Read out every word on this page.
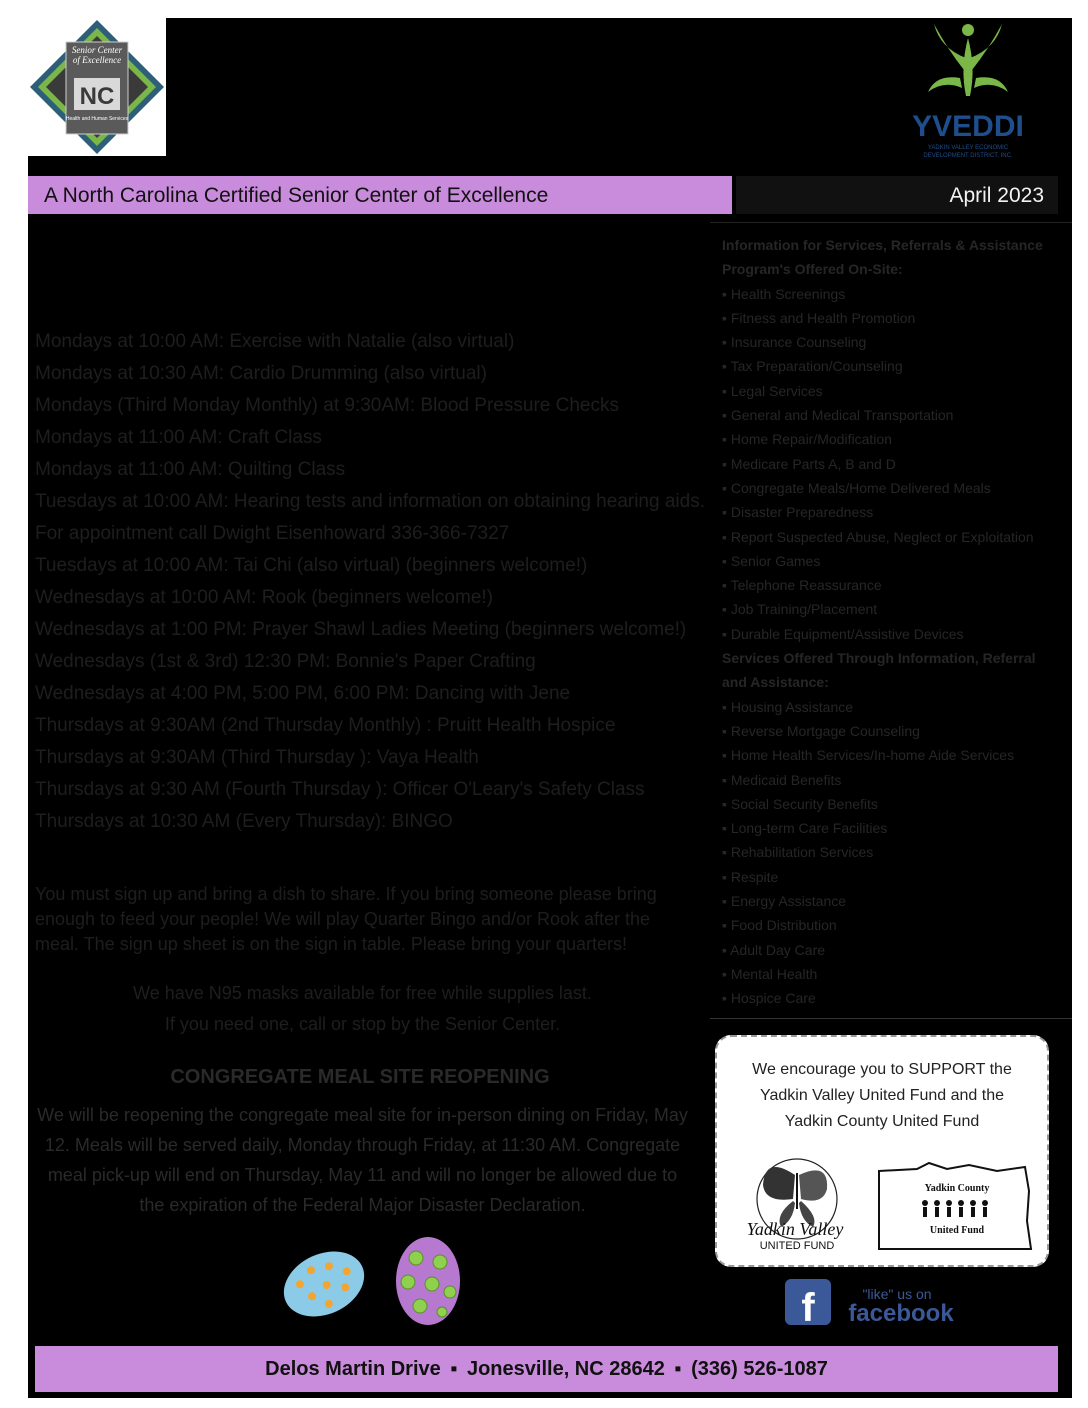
Senior Center
of Excellence
NC
Health and Human Services	YVEDDI
YADKIN VALLEY ECONOMIC
DEVELOPMENT DISTRICT, INC.
A North Carolina Certified Senior Center of Excellence	April 2023
Mondays at 10:00 AM: Exercise with Natalie (also virtual)
Mondays at 10:30 AM: Cardio Drumming (also virtual)
Mondays (Third Monday Monthly) at 9:30AM: Blood Pressure Checks
Mondays at 11:00 AM: Craft Class
Mondays at 11:00 AM: Quilting Class
Tuesdays at 10:00 AM: Hearing tests and information on obtaining hearing aids.
For appointment call Dwight Eisenhoward 336-366-7327
Tuesdays at 10:00 AM: Tai Chi (also virtual) (beginners welcome!)
Wednesdays at 10:00 AM: Rook (beginners welcome!)
Wednesdays at 1:00 PM: Prayer Shawl Ladies Meeting (beginners welcome!)
Wednesdays (1st & 3rd) 12:30 PM: Bonnie's Paper Crafting
Wednesdays at 4:00 PM, 5:00 PM, 6:00 PM: Dancing with Jene
Thursdays at 9:30AM (2nd Thursday Monthly) : Pruitt Health Hospice
Thursdays at 9:30AM (Third Thursday ): Vaya Health
Thursdays at 9:30 AM (Fourth Thursday ): Officer O'Leary's Safety Class
Thursdays at 10:30 AM (Every Thursday): BINGO
You must sign up and bring a dish to share. If you bring someone please bring enough to feed your people! We will play Quarter Bingo and/or Rook after the meal. The sign up sheet is on the sign in table. Please bring your quarters!
We have N95 masks available for free while supplies last.
If you need one, call or stop by the Senior Center.
CONGREGATE MEAL SITE REOPENING
We will be reopening the congregate meal site for in-person dining on Friday, May 12. Meals will be served daily, Monday through Friday, at 11:30 AM. Congregate meal pick-up will end on Thursday, May 11 and will no longer be allowed due to the expiration of the Federal Major Disaster Declaration.
Information for Services, Referrals & Assistance
Program's Offered On-Site:
▪ Health Screenings
▪ Fitness and Health Promotion
▪ Insurance Counseling
▪ Tax Preparation/Counseling
▪ Legal Services
▪ General and Medical Transportation
▪ Home Repair/Modification
▪ Medicare Parts A, B and D
▪ Congregate Meals/Home Delivered Meals
▪ Disaster Preparedness
▪ Report Suspected Abuse, Neglect or Exploitation
▪ Senior Games
▪ Telephone Reassurance
▪ Job Training/Placement
▪ Durable Equipment/Assistive Devices
Services Offered Through Information, Referral
and Assistance:
▪ Housing Assistance
▪ Reverse Mortgage Counseling
▪ Home Health Services/In-home Aide Services
▪ Medicaid Benefits
▪ Social Security Benefits
▪ Long-term Care Facilities
▪ Rehabilitation Services
▪ Respite
▪ Energy Assistance
▪ Food Distribution
▪ Adult Day Care
▪ Mental Health
▪ Hospice Care
We encourage you to SUPPORT the
Yadkin Valley United Fund and the
Yadkin County United Fund
Yadkin Valley
UNITED FUND
Yadkin County
United Fund
f	"like" us on
facebook
Delos Martin Drive ▪ Jonesville, NC 28642 ▪ (336) 526-1087
